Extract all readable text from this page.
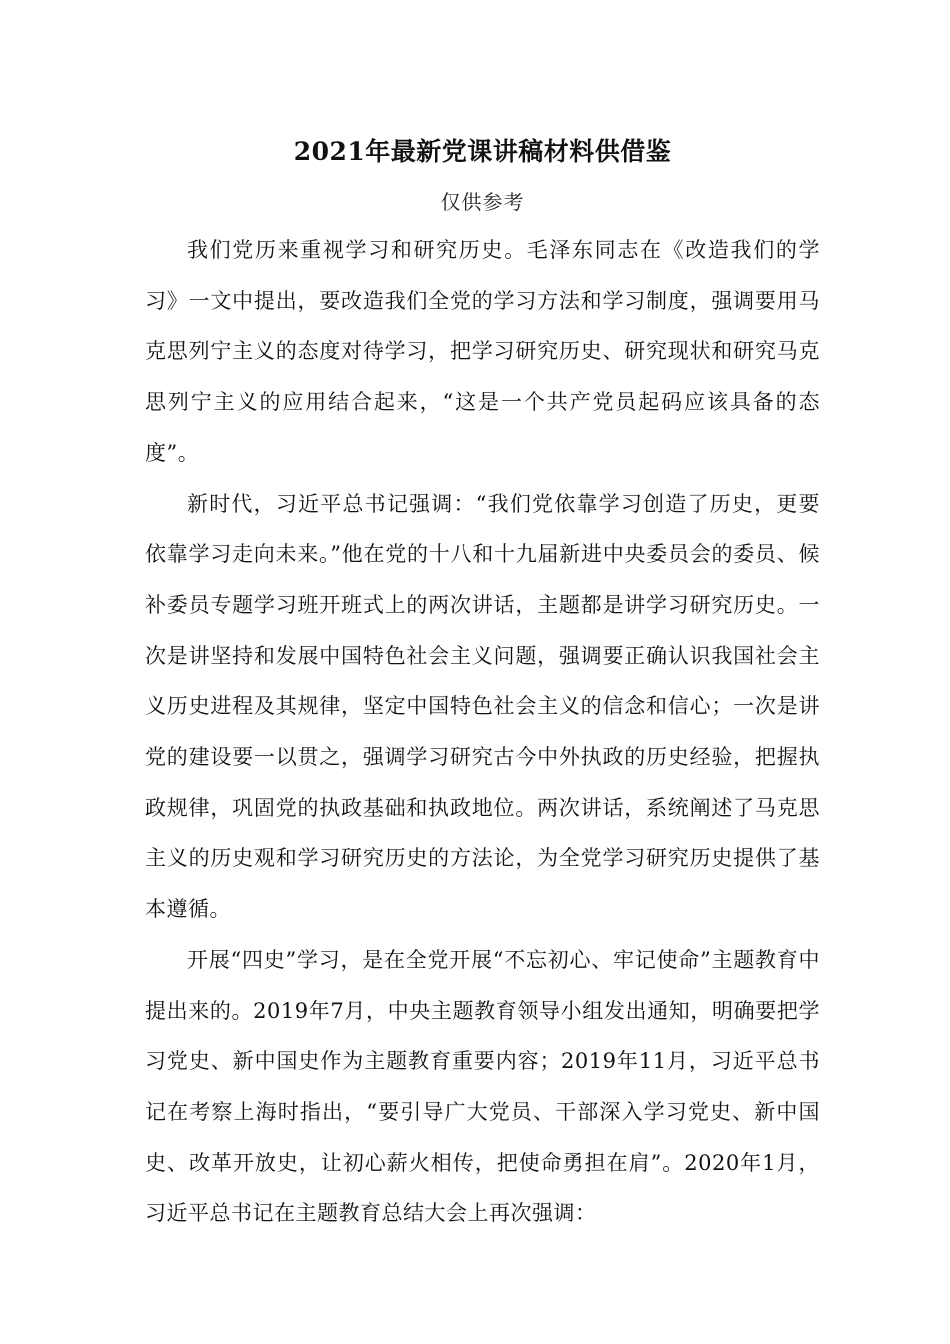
2021年最新党课讲稿材料供借鉴
仅供参考

我们党历来重视学习和研究历史。毛泽东同志在《改造我们的学习》一文中提出，要改造我们全党的学习方法和学习制度，强调要用马克思列宁主义的态度对待学习，把学习研究历史、研究现状和研究马克思列宁主义的应用结合起来，“这是一个共产党员起码应该具备的态度”。

新时代，习近平总书记强调：“我们党依靠学习创造了历史，更要依靠学习走向未来。”他在党的十八和十九届新进中央委员会的委员、候补委员专题学习班开班式上的两次讲话，主题都是讲学习研究历史。一次是讲坚持和发展中国特色社会主义问题，强调要正确认识我国社会主义历史进程及其规律，坚定中国特色社会主义的信念和信心；一次是讲党的建设要一以贯之，强调学习研究古今中外执政的历史经验，把握执政规律，巩固党的执政基础和执政地位。两次讲话，系统阐述了马克思主义的历史观和学习研究历史的方法论，为全党学习研究历史提供了基本遵循。

开展“四史”学习，是在全党开展“不忘初心、牢记使命”主题教育中提出来的。2019年7月，中央主题教育领导小组发出通知，明确要把学习党史、新中国史作为主题教育重要内容；2019年11月，习近平总书记在考察上海时指出，“要引导广大党员、干部深入学习党史、新中国史、改革开放史，让初心薪火相传，把使命勇担在肩”。2020年1月，习近平总书记在主题教育总结大会上再次强调：
